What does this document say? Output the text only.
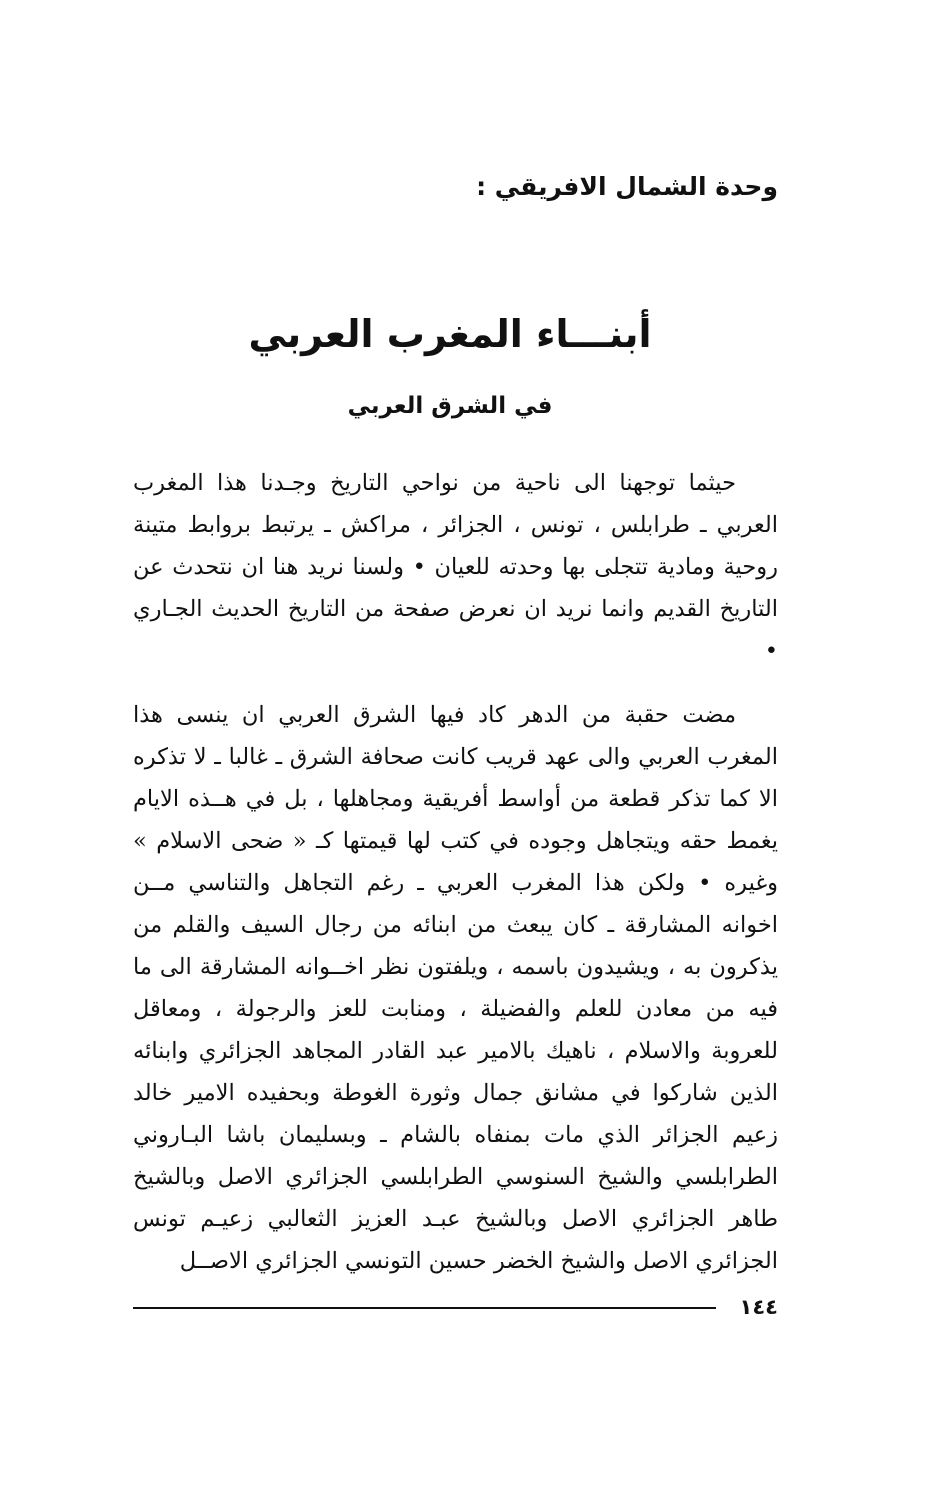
وحدة الشمال الافريقي :
أبنـــاء المغرب العربي
في الشرق العربي

حيثما توجهنا الى ناحية من نواحي التاريخ وجـدنا هذا المغرب العربي ـ طرابلس ، تونس ، الجزائر ، مراكش ـ يرتبط بروابط متينة روحية ومادية تتجلى بها وحدته للعيان • ولسنا نريد هنا ان نتحدث عن التاريخ القديم وانما نريد ان نعرض صفحة من التاريخ الحديث الجـاري •

مضت حقبة من الدهر كاد فيها الشرق العربي ان ينسى هذا المغرب العربي والى عهد قريب كانت صحافة الشرق ـ غالبا ـ لا تذكره الا كما تذكر قطعة من أواسط أفريقية ومجاهلها ، بل في هــذه الايام يغمط حقه ويتجاهل وجوده في كتب لها قيمتها كـ « ضحى الاسلام » وغيره • ولكن هذا المغرب العربي ـ رغم التجاهل والتناسي مــن اخوانه المشارقة ـ كان يبعث من ابنائه من رجال السيف والقلم من يذكرون به ، ويشيدون باسمه ، ويلفتون نظر اخــوانه المشارقة الى ما فيه من معادن للعلم والفضيلة ، ومنابت للعز والرجولة ، ومعاقل للعروبة والاسلام ، ناهيك بالامير عبد القادر المجاهد الجزائري وابنائه الذين شاركوا في مشانق جمال وثورة الغوطة وبحفيده الامير خالد زعيم الجزائر الذي مات بمنفاه بالشام ـ وبسليمان باشا البـاروني الطرابلسي والشيخ السنوسي الطرابلسي الجزائري الاصل وبالشيخ طاهر الجزائري الاصل وبالشيخ عبـد العزيز الثعالبي زعيـم تونس الجزائري الاصل والشيخ الخضر حسين التونسي الجزائري الاصــل

١٤٤
